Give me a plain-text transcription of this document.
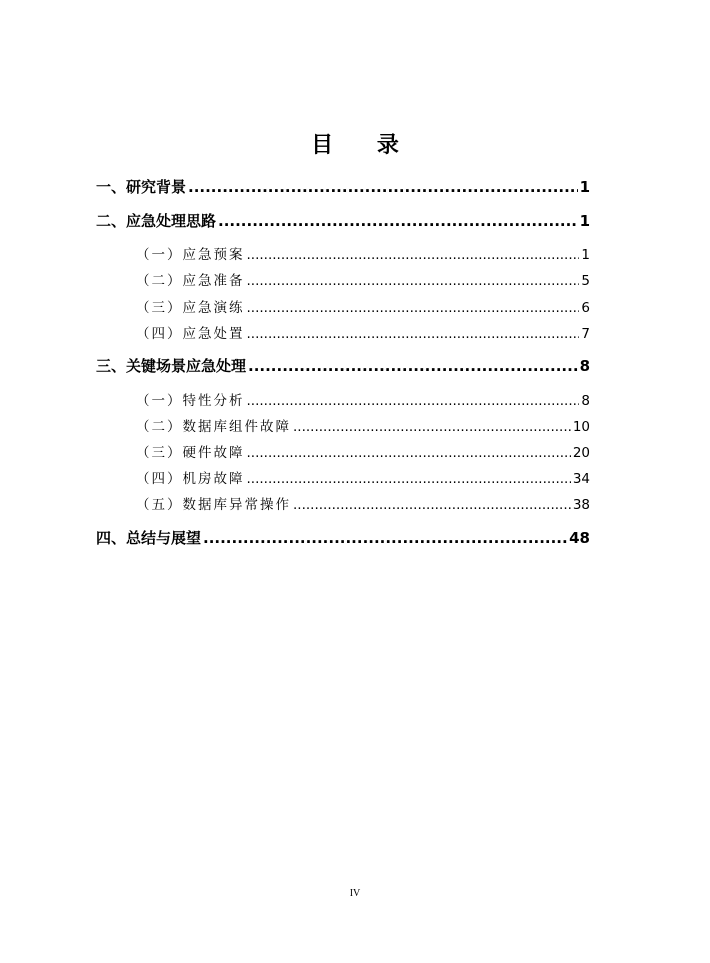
目 录
一、研究背景 .....	1
二、应急处理思路 .....	1
（一）应急预案 .....	1
（二）应急准备 .....	5
（三）应急演练 .....	6
（四）应急处置 .....	7
三、关键场景应急处理 .....	8
（一）特性分析 .....	8
（二）数据库组件故障 .....	10
（三）硬件故障 .....	20
（四）机房故障 .....	34
（五）数据库异常操作 .....	38
四、总结与展望 .....	48
IV
